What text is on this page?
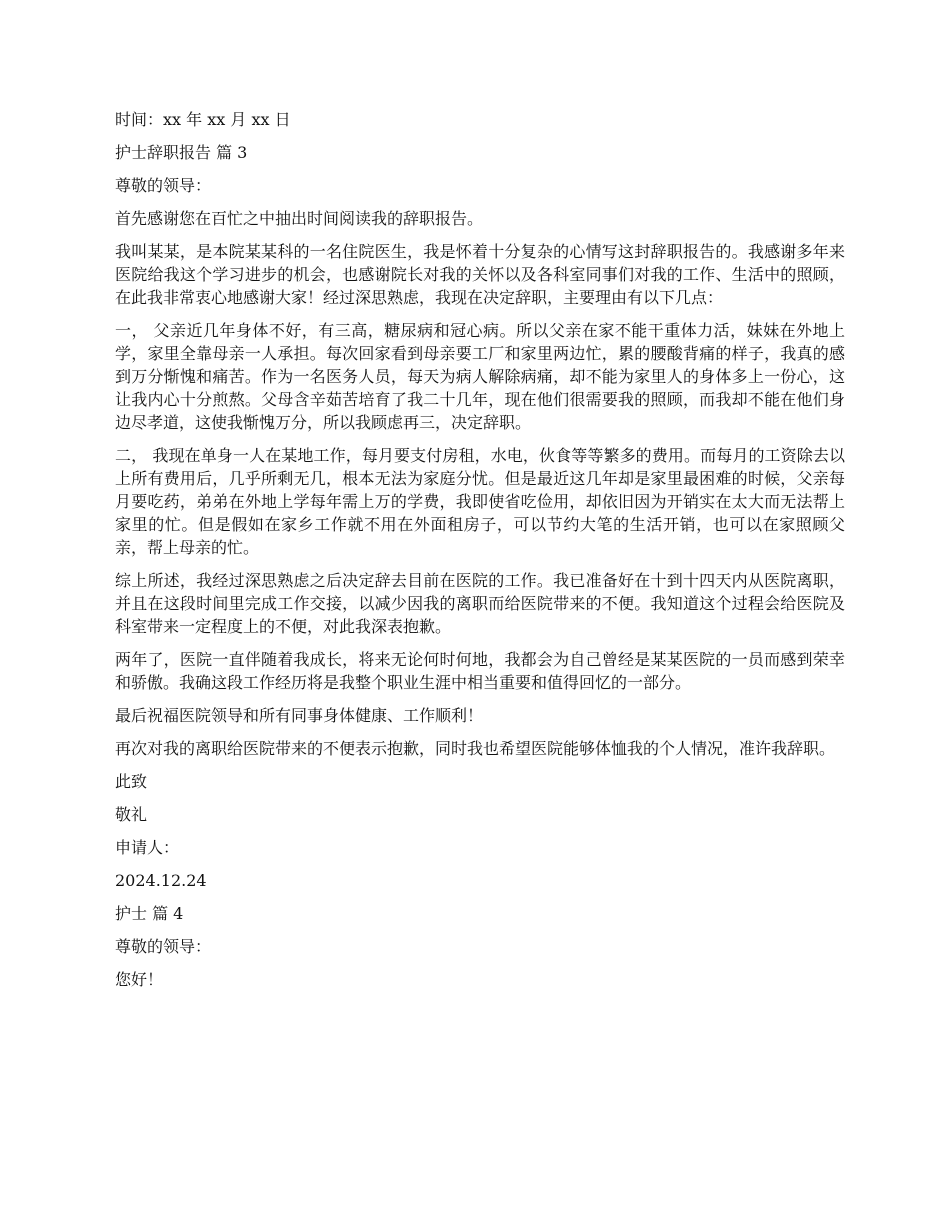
时间：xx 年 xx 月 xx 日

护士辞职报告 篇 3

尊敬的领导：

首先感谢您在百忙之中抽出时间阅读我的辞职报告。

我叫某某，是本院某某科的一名住院医生，我是怀着十分复杂的心情写这封辞职报告的。我感谢多年来医院给我这个学习进步的机会，也感谢院长对我的关怀以及各科室同事们对我的工作、生活中的照顾，在此我非常衷心地感谢大家！经过深思熟虑，我现在决定辞职，主要理由有以下几点：

一， 父亲近几年身体不好，有三高，糖尿病和冠心病。所以父亲在家不能干重体力活，妹妹在外地上学，家里全靠母亲一人承担。每次回家看到母亲要工厂和家里两边忙，累的腰酸背痛的样子，我真的感到万分惭愧和痛苦。作为一名医务人员，每天为病人解除病痛，却不能为家里人的身体多上一份心，这让我内心十分煎熬。父母含辛茹苦培育了我二十几年，现在他们很需要我的照顾，而我却不能在他们身边尽孝道，这使我惭愧万分，所以我顾虑再三，决定辞职。

二， 我现在单身一人在某地工作，每月要支付房租，水电，伙食等等繁多的费用。而每月的工资除去以上所有费用后，几乎所剩无几，根本无法为家庭分忧。但是最近这几年却是家里最困难的时候，父亲每月要吃药，弟弟在外地上学每年需上万的学费，我即使省吃俭用，却依旧因为开销实在太大而无法帮上家里的忙。但是假如在家乡工作就不用在外面租房子，可以节约大笔的生活开销，也可以在家照顾父亲，帮上母亲的忙。

综上所述，我经过深思熟虑之后决定辞去目前在医院的工作。我已准备好在十到十四天内从医院离职，并且在这段时间里完成工作交接，以减少因我的离职而给医院带来的不便。我知道这个过程会给医院及科室带来一定程度上的不便，对此我深表抱歉。

两年了，医院一直伴随着我成长，将来无论何时何地，我都会为自己曾经是某某医院的一员而感到荣幸和骄傲。我确这段工作经历将是我整个职业生涯中相当重要和值得回忆的一部分。

最后祝福医院领导和所有同事身体健康、工作顺利！

再次对我的离职给医院带来的不便表示抱歉，同时我也希望医院能够体恤我的个人情况，准许我辞职。

此致

敬礼

申请人：

2024.12.24

护士 篇 4

尊敬的领导：

您好！
